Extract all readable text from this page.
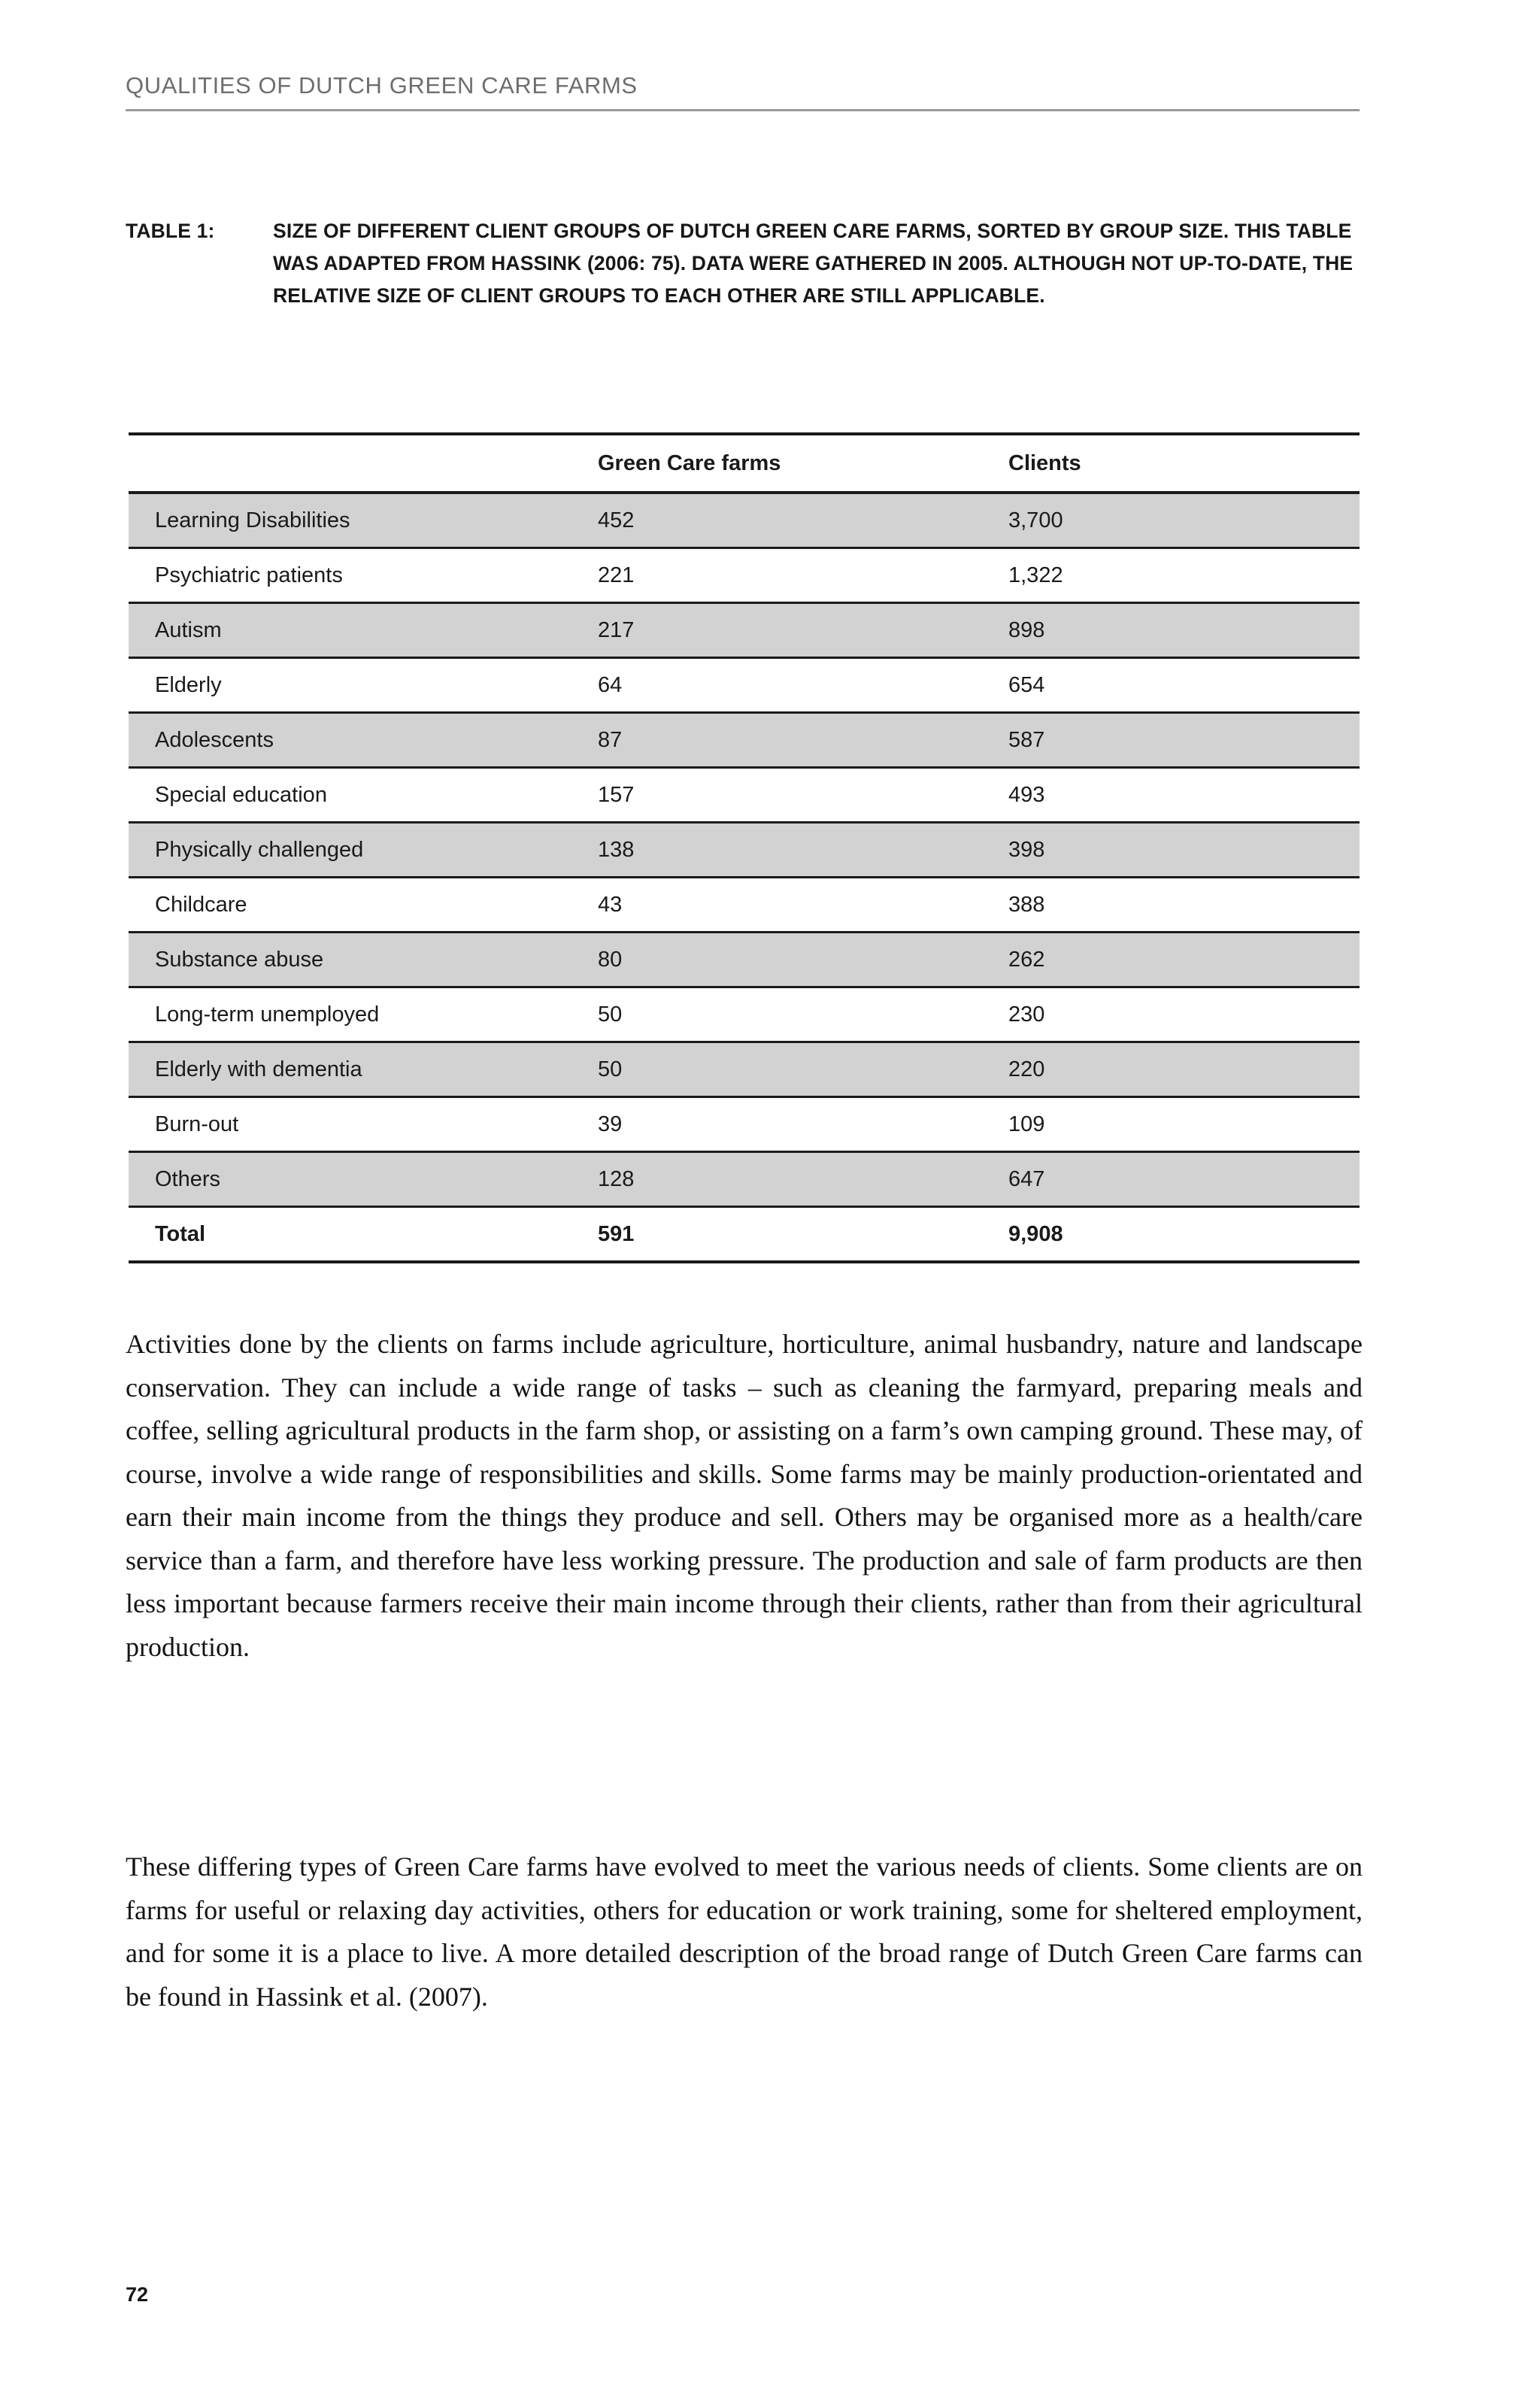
QUALITIES OF DUTCH GREEN CARE FARMS
TABLE 1:	SIZE OF DIFFERENT CLIENT GROUPS OF DUTCH GREEN CARE FARMS, SORTED BY GROUP SIZE. THIS TABLE WAS ADAPTED FROM HASSINK (2006: 75). DATA WERE GATHERED IN 2005. ALTHOUGH NOT UP-TO-DATE, THE RELATIVE SIZE OF CLIENT GROUPS TO EACH OTHER ARE STILL APPLICABLE.
	Green Care farms	Clients
Learning Disabilities	452	3,700
Psychiatric patients	221	1,322
Autism	217	898
Elderly	64	654
Adolescents	87	587
Special education	157	493
Physically challenged	138	398
Childcare	43	388
Substance abuse	80	262
Long-term unemployed	50	230
Elderly with dementia	50	220
Burn-out	39	109
Others	128	647
Total	591	9,908

Activities done by the clients on farms include agriculture, horticulture, animal husbandry, nature and landscape conservation. They can include a wide range of tasks – such as cleaning the farmyard, preparing meals and coffee, selling agricultural products in the farm shop, or assisting on a farm’s own camping ground. These may, of course, involve a wide range of responsibilities and skills. Some farms may be mainly production-orientated and earn their main income from the things they produce and sell. Others may be organised more as a health/care service than a farm, and therefore have less working pressure. The production and sale of farm products are then less important because farmers receive their main income through their clients, rather than from their agricultural production.

These differing types of Green Care farms have evolved to meet the various needs of clients. Some clients are on farms for useful or relaxing day activities, others for education or work training, some for sheltered employment, and for some it is a place to live. A more detailed description of the broad range of Dutch Green Care farms can be found in Hassink et al. (2007).

72
